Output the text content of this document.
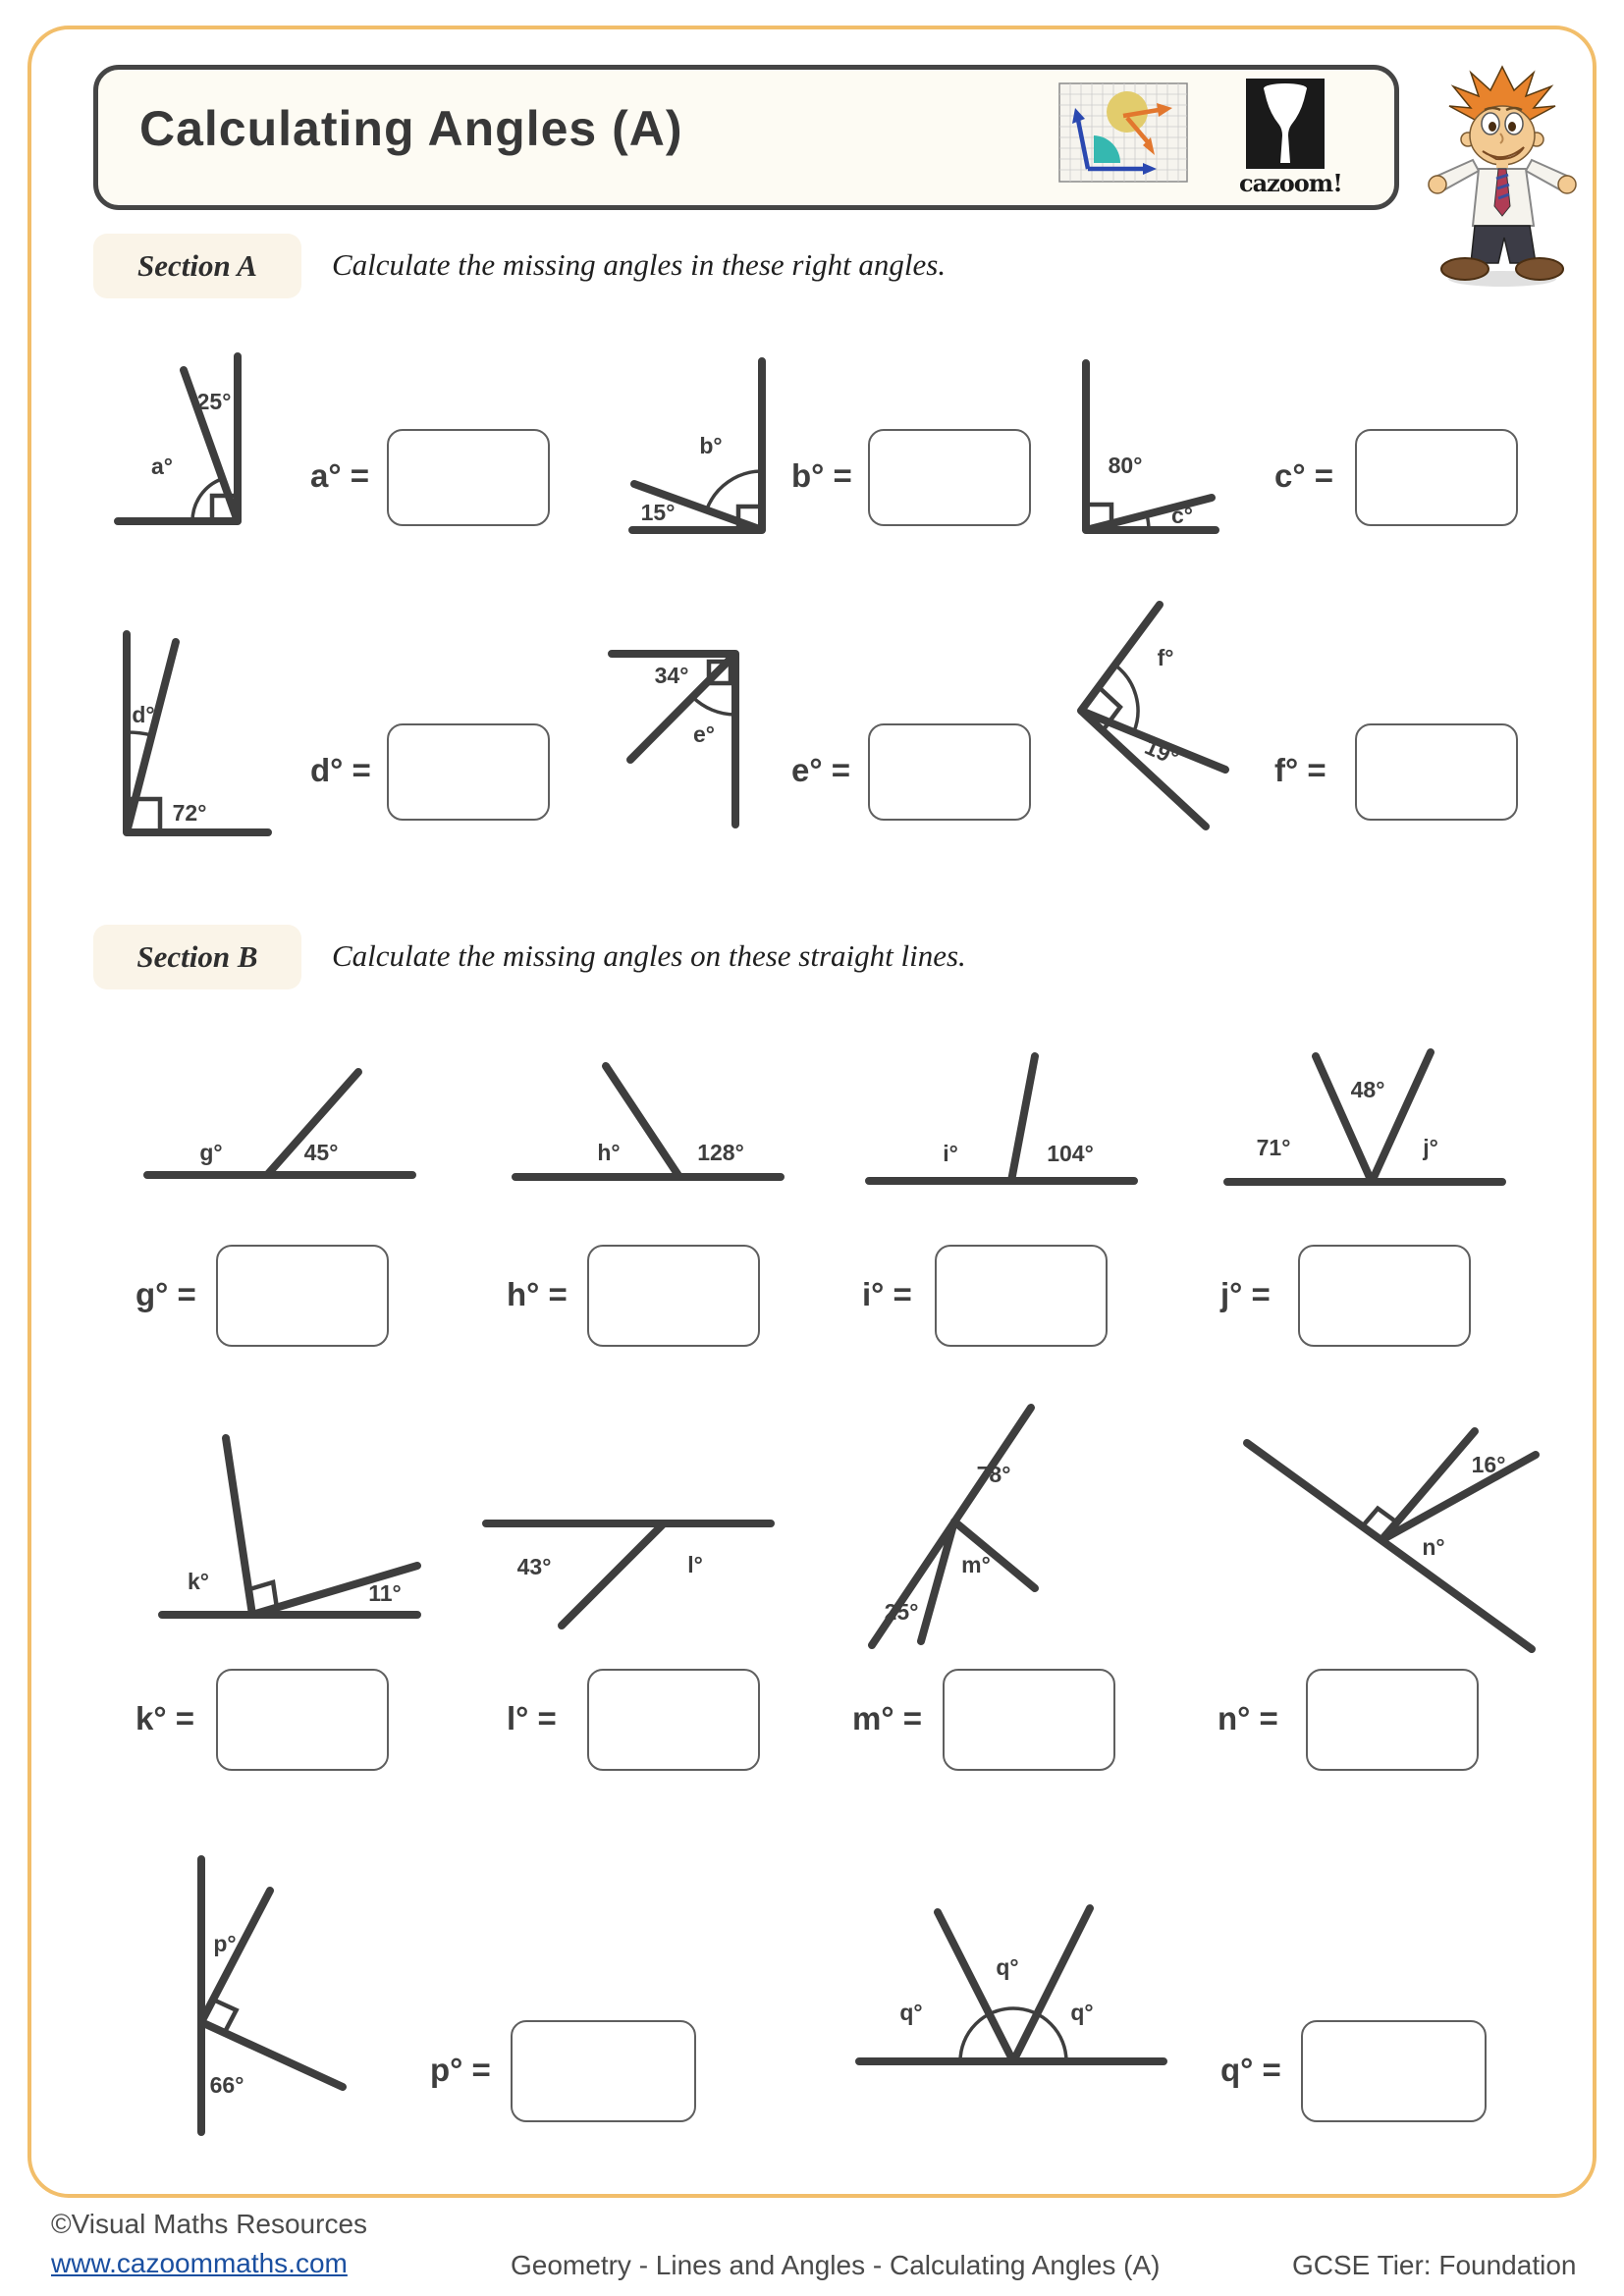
Calculating Angles (A)
cazoom!
Section A	Calculate the missing angles in these right angles.
25°
a°	a° =
b°
15°
b° =	80°
c°
c° =
d°
72°
d° =
34°
e°
e° =
f°
19°	f° =
Section B	Calculate the missing angles on these straight lines.
g°	45°	h°	128°	i°	104°	71°
48°
j°
g° =	h° =	i° =	j° =
k°	11°
43°	l°
78°
m°
25°
16°
n°
k° =	l° =	m° =	n° =
p°
66°	p° =
q°
q°
q°
q° =
©Visual Maths Resources
www.cazoommaths.com	Geometry - Lines and Angles - Calculating Angles (A)	GCSE Tier: Foundation
